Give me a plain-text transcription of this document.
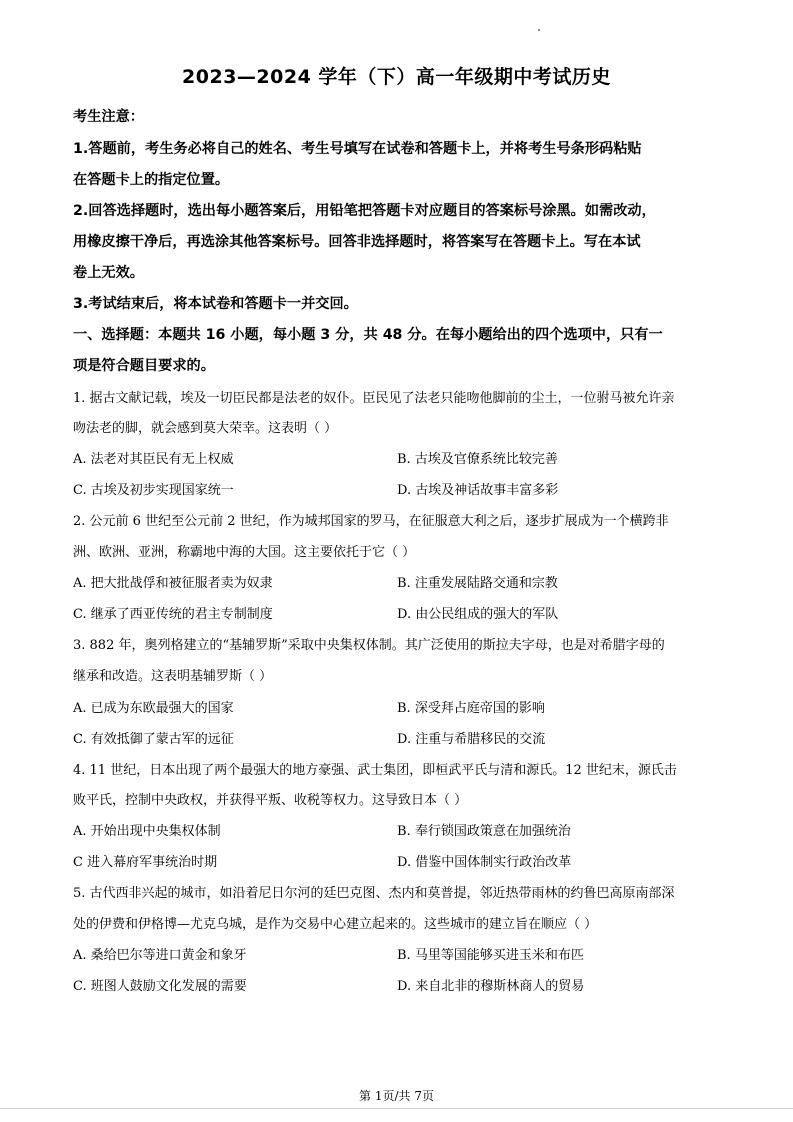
2023—2024 学年（下）高一年级期中考试历史
考生注意：
1.答题前，考生务必将自己的姓名、考生号填写在试卷和答题卡上，并将考生号条形码粘贴
在答题卡上的指定位置。
2.回答选择题时，选出每小题答案后，用铅笔把答题卡对应题目的答案标号涂黑。如需改动，
用橡皮擦干净后，再选涂其他答案标号。回答非选择题时，将答案写在答题卡上。写在本试
卷上无效。
3.考试结束后，将本试卷和答题卡一并交回。
一、选择题：本题共 16 小题，每小题 3 分，共 48 分。在每小题给出的四个选项中，只有一
项是符合题目要求的。
1. 据古文献记载，埃及一切臣民都是法老的奴仆。臣民见了法老只能吻他脚前的尘土，一位驸马被允许亲
吻法老的脚，就会感到莫大荣幸。这表明（ ）
A. 法老对其臣民有无上权威	B. 古埃及官僚系统比较完善
C. 古埃及初步实现国家统一	D. 古埃及神话故事丰富多彩
2. 公元前 6 世纪至公元前 2 世纪，作为城邦国家的罗马，在征服意大利之后，逐步扩展成为一个横跨非
洲、欧洲、亚洲，称霸地中海的大国。这主要依托于它（ ）
A. 把大批战俘和被征服者卖为奴隶	B. 注重发展陆路交通和宗教
C. 继承了西亚传统的君主专制制度	D. 由公民组成的强大的军队
3. 882 年，奥列格建立的“基辅罗斯”采取中央集权体制。其广泛使用的斯拉夫字母，也是对希腊字母的
继承和改造。这表明基辅罗斯（ ）
A. 已成为东欧最强大的国家	B. 深受拜占庭帝国的影响
C. 有效抵御了蒙古军的远征	D. 注重与希腊移民的交流
4. 11 世纪，日本出现了两个最强大的地方豪强、武士集团，即桓武平氏与清和源氏。12 世纪末，源氏击
败平氏，控制中央政权，并获得平叛、收税等权力。这导致日本（ ）
A. 开始出现中央集权体制	B. 奉行锁国政策意在加强统治
C 进入幕府军事统治时期	D. 借鉴中国体制实行政治改革
5. 古代西非兴起的城市，如沿着尼日尔河的廷巴克图、杰内和莫普提，邻近热带雨林的约鲁巴高原南部深
处的伊费和伊格博—尤克乌城，是作为交易中心建立起来的。这些城市的建立旨在顺应（ ）
A. 桑给巴尔等进口黄金和象牙	B. 马里等国能够买进玉米和布匹
C. 班图人鼓励文化发展的需要	D. 来自北非的穆斯林商人的贸易
第 1页/共 7页
